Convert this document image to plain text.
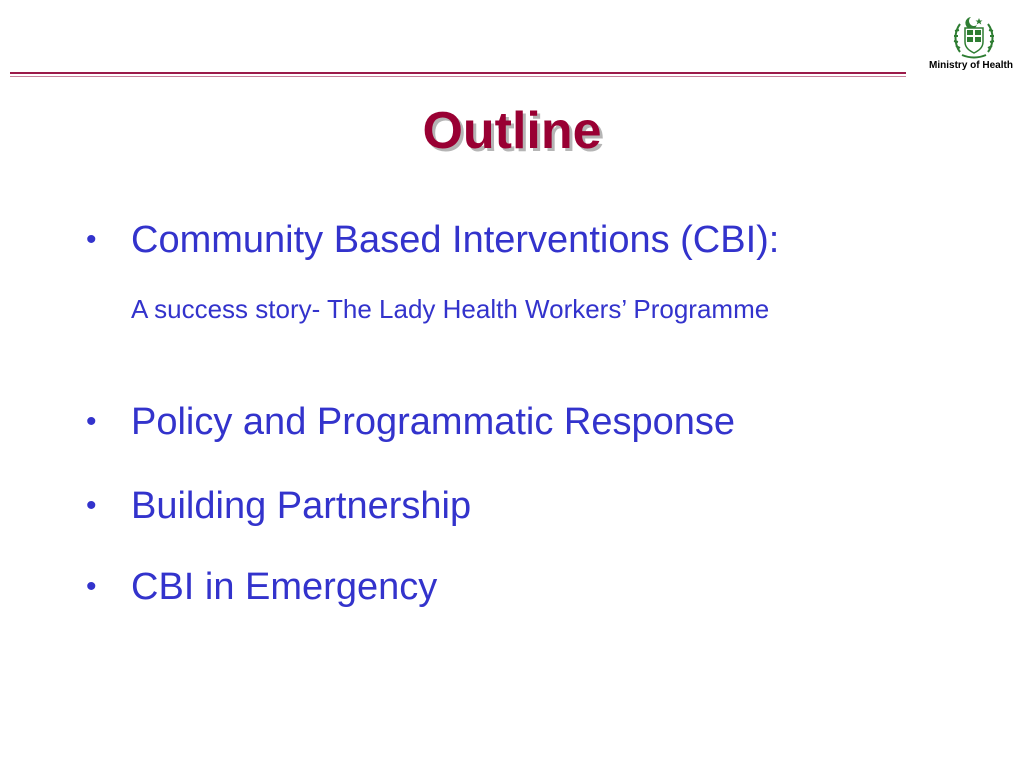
Ministry of Health
Outline
• Community Based Interventions (CBI):
• Policy and Programmatic Response
• Building Partnership
• CBI in Emergency
A success story- The Lady Health Workers’ Programme
